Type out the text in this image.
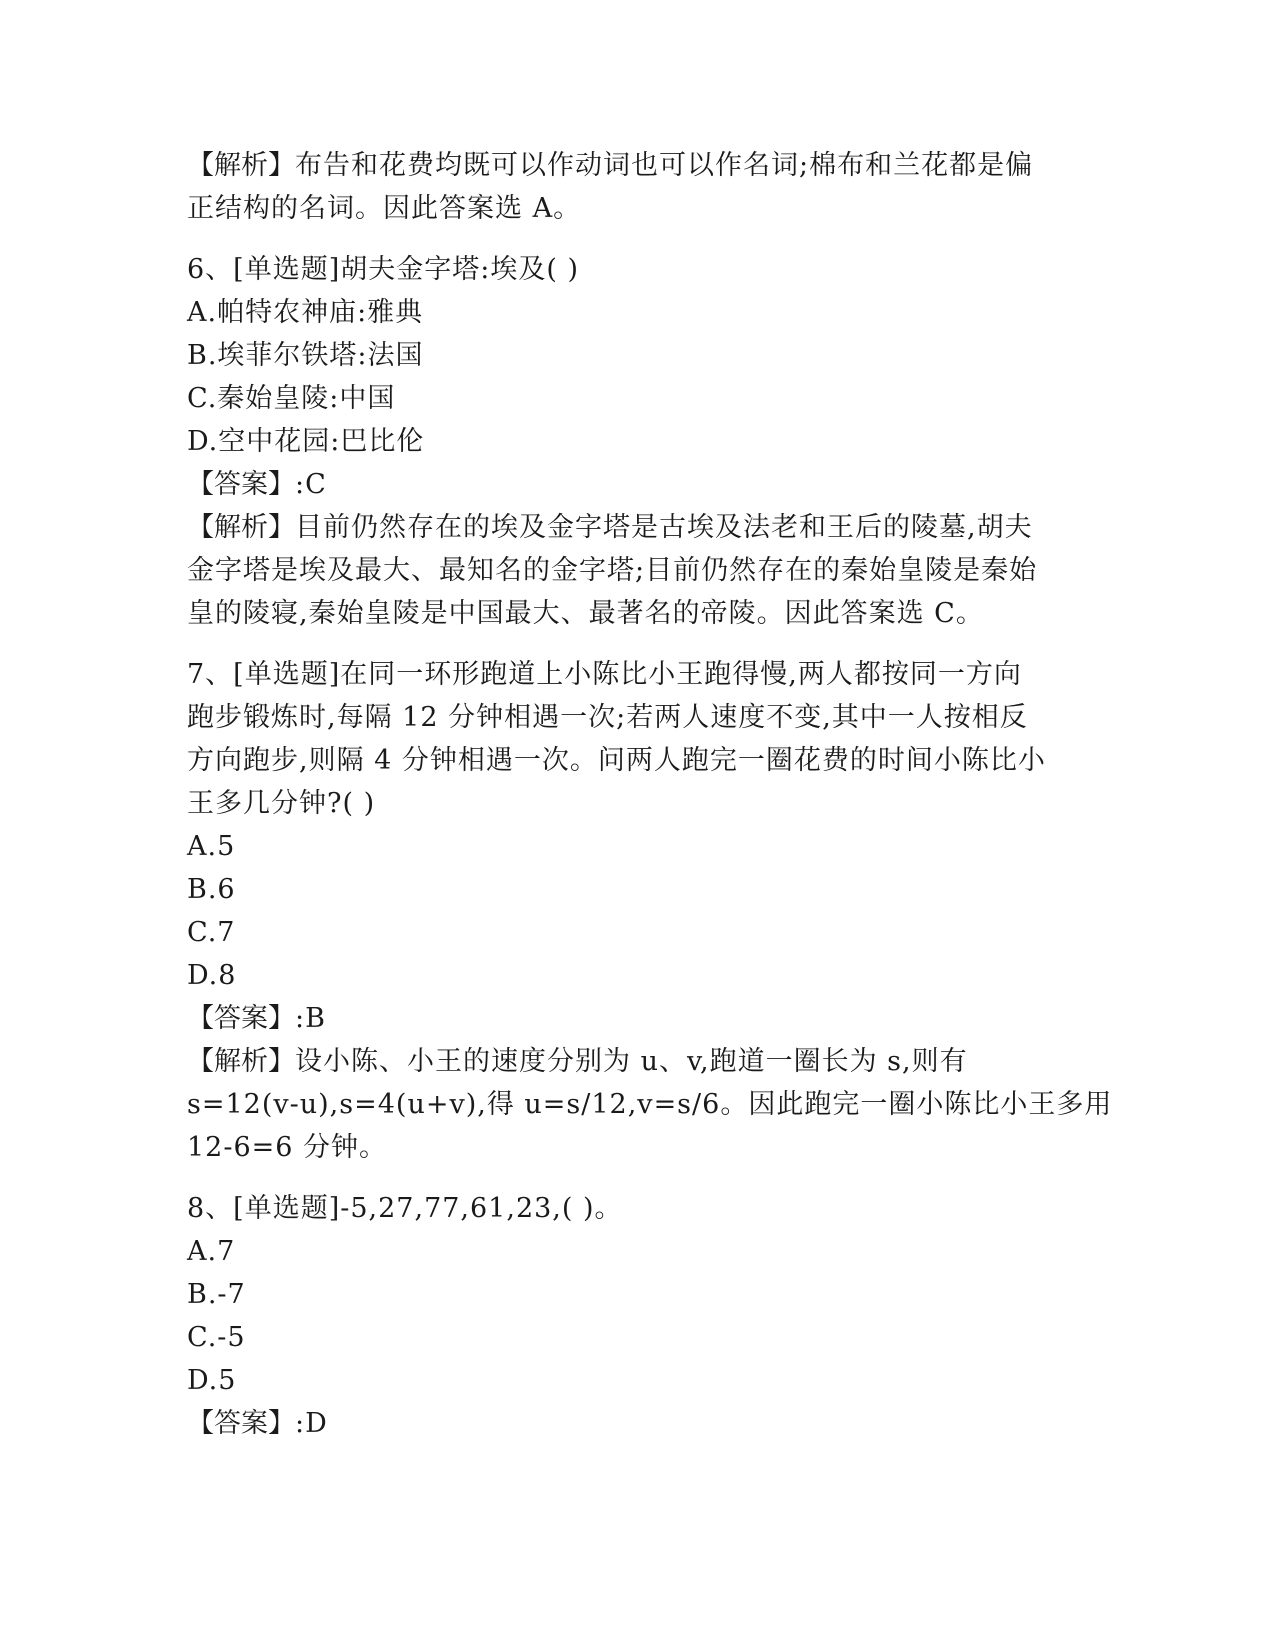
【解析】布告和花费均既可以作动词也可以作名词;棉布和兰花都是偏
正结构的名词。因此答案选 A。
6、[单选题]胡夫金字塔:埃及( )
A.帕特农神庙:雅典
B.埃菲尔铁塔:法国
C.秦始皇陵:中国
D.空中花园:巴比伦
【答案】:C
【解析】目前仍然存在的埃及金字塔是古埃及法老和王后的陵墓,胡夫
金字塔是埃及最大、最知名的金字塔;目前仍然存在的秦始皇陵是秦始
皇的陵寝,秦始皇陵是中国最大、最著名的帝陵。因此答案选 C。
7、[单选题]在同一环形跑道上小陈比小王跑得慢,两人都按同一方向
跑步锻炼时,每隔 12 分钟相遇一次;若两人速度不变,其中一人按相反
方向跑步,则隔 4 分钟相遇一次。问两人跑完一圈花费的时间小陈比小
王多几分钟?( )
A.5
B.6
C.7
D.8
【答案】:B
【解析】设小陈、小王的速度分别为 u、v,跑道一圈长为 s,则有
s=12(v-u),s=4(u+v),得 u=s/12,v=s/6。因此跑完一圈小陈比小王多用
12-6=6 分钟。
8、[单选题]-5,27,77,61,23,( )。
A.7
B.-7
C.-5
D.5
【答案】:D
